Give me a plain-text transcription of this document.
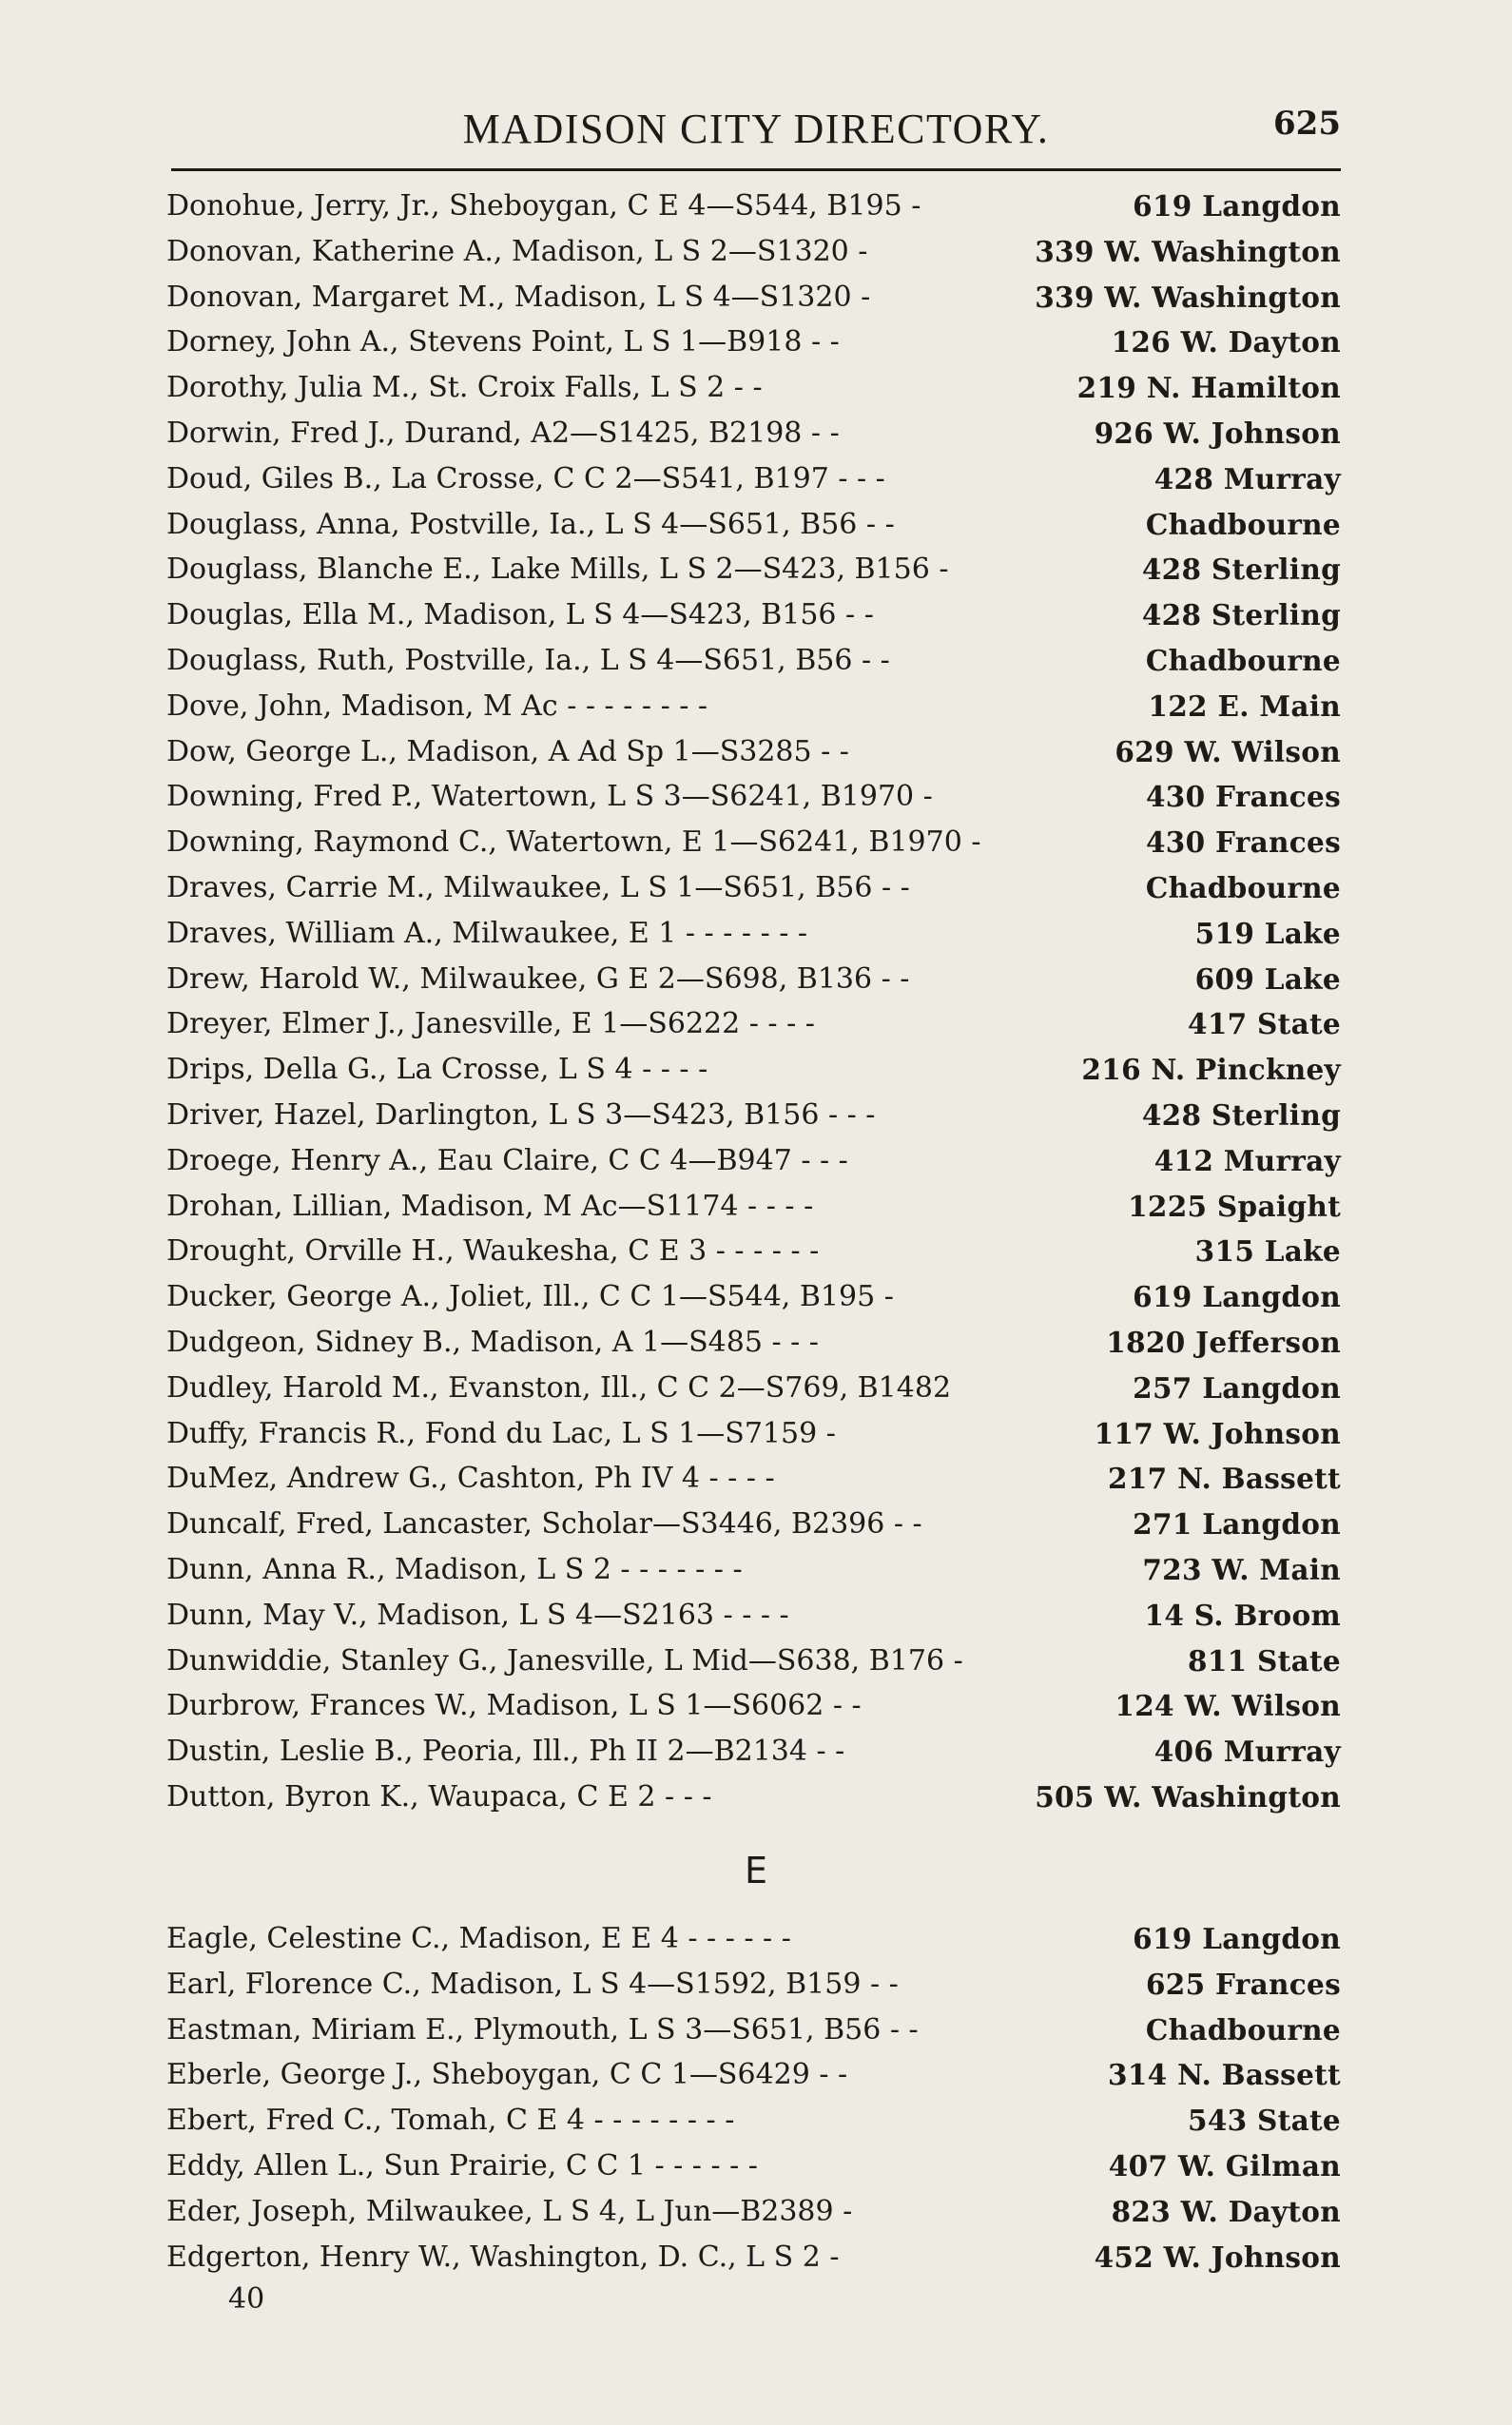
MADISON CITY DIRECTORY.	625
Donohue, Jerry, Jr., Sheboygan, C E 4—S544, B195 -	619 Langdon
Donovan, Katherine A., Madison, L S 2—S1320 -	339 W. Washington
Donovan, Margaret M., Madison, L S 4—S1320 -	339 W. Washington
Dorney, John A., Stevens Point, L S 1—B918 - -	126 W. Dayton
Dorothy, Julia M., St. Croix Falls, L S 2 - -	219 N. Hamilton
Dorwin, Fred J., Durand, A2—S1425, B2198 - -	926 W. Johnson
Doud, Giles B., La Crosse, C C 2—S541, B197 - - -	428 Murray
Douglass, Anna, Postville, Ia., L S 4—S651, B56 - -	Chadbourne
Douglass, Blanche E., Lake Mills, L S 2—S423, B156 -	428 Sterling
Douglas, Ella M., Madison, L S 4—S423, B156 - -	428 Sterling
Douglass, Ruth, Postville, Ia., L S 4—S651, B56 - -	Chadbourne
Dove, John, Madison, M Ac - - - - - - - -	122 E. Main
Dow, George L., Madison, A Ad Sp 1—S3285 - -	629 W. Wilson
Downing, Fred P., Watertown, L S 3—S6241, B1970 -	430 Frances
Downing, Raymond C., Watertown, E 1—S6241, B1970 -	430 Frances
Draves, Carrie M., Milwaukee, L S 1—S651, B56 - -	Chadbourne
Draves, William A., Milwaukee, E 1 - - - - - - -	519 Lake
Drew, Harold W., Milwaukee, G E 2—S698, B136 - -	609 Lake
Dreyer, Elmer J., Janesville, E 1—S6222 - - - -	417 State
Drips, Della G., La Crosse, L S 4 - - - -	216 N. Pinckney
Driver, Hazel, Darlington, L S 3—S423, B156 - - -	428 Sterling
Droege, Henry A., Eau Claire, C C 4—B947 - - -	412 Murray
Drohan, Lillian, Madison, M Ac—S1174 - - - -	1225 Spaight
Drought, Orville H., Waukesha, C E 3 - - - - - -	315 Lake
Ducker, George A., Joliet, Ill., C C 1—S544, B195 -	619 Langdon
Dudgeon, Sidney B., Madison, A 1—S485 - - -	1820 Jefferson
Dudley, Harold M., Evanston, Ill., C C 2—S769, B1482	257 Langdon
Duffy, Francis R., Fond du Lac, L S 1—S7159 -	117 W. Johnson
DuMez, Andrew G., Cashton, Ph IV 4 - - - -	217 N. Bassett
Duncalf, Fred, Lancaster, Scholar—S3446, B2396 - -	271 Langdon
Dunn, Anna R., Madison, L S 2 - - - - - - -	723 W. Main
Dunn, May V., Madison, L S 4—S2163 - - - -	14 S. Broom
Dunwiddie, Stanley G., Janesville, L Mid—S638, B176 -	811 State
Durbrow, Frances W., Madison, L S 1—S6062 - -	124 W. Wilson
Dustin, Leslie B., Peoria, Ill., Ph II 2—B2134 - -	406 Murray
Dutton, Byron K., Waupaca, C E 2 - - -	505 W. Washington
E
Eagle, Celestine C., Madison, E E 4 - - - - - -	619 Langdon
Earl, Florence C., Madison, L S 4—S1592, B159 - -	625 Frances
Eastman, Miriam E., Plymouth, L S 3—S651, B56 - -	Chadbourne
Eberle, George J., Sheboygan, C C 1—S6429 - -	314 N. Bassett
Ebert, Fred C., Tomah, C E 4 - - - - - - - -	543 State
Eddy, Allen L., Sun Prairie, C C 1 - - - - - -	407 W. Gilman
Eder, Joseph, Milwaukee, L S 4, L Jun—B2389 -	823 W. Dayton
Edgerton, Henry W., Washington, D. C., L S 2 -	452 W. Johnson
40
